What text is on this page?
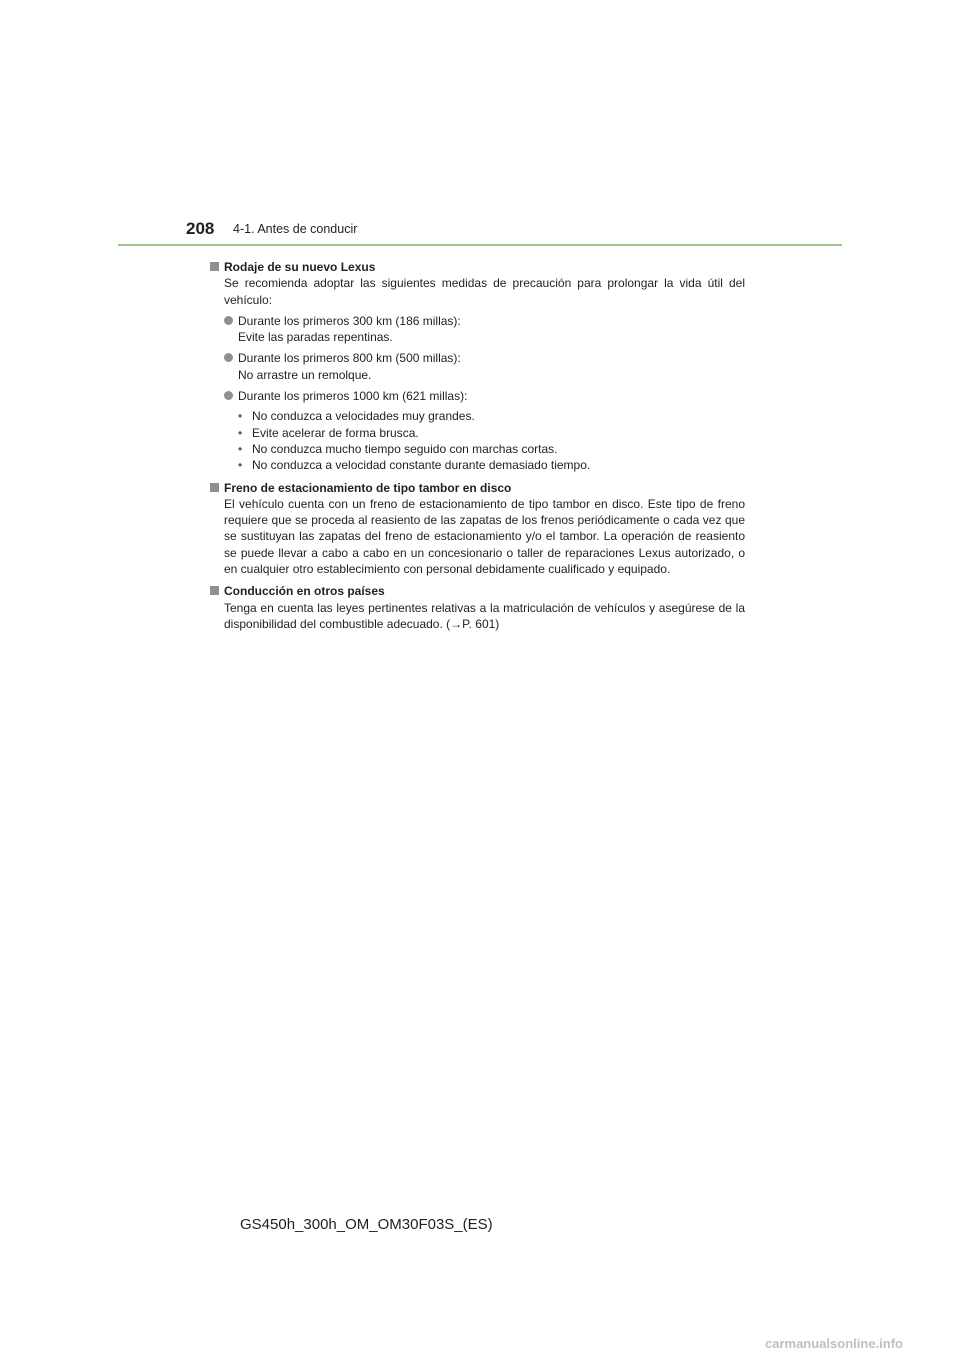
208 4-1. Antes de conducir
Rodaje de su nuevo Lexus
Se recomienda adoptar las siguientes medidas de precaución para prolongar la vida útil del vehículo:
Durante los primeros 300 km (186 millas):
Evite las paradas repentinas.
Durante los primeros 800 km (500 millas):
No arrastre un remolque.
Durante los primeros 1000 km (621 millas):
• No conduzca a velocidades muy grandes.
• Evite acelerar de forma brusca.
• No conduzca mucho tiempo seguido con marchas cortas.
• No conduzca a velocidad constante durante demasiado tiempo.
Freno de estacionamiento de tipo tambor en disco
El vehículo cuenta con un freno de estacionamiento de tipo tambor en disco. Este tipo de freno requiere que se proceda al reasiento de las zapatas de los frenos periódicamente o cada vez que se sustituyan las zapatas del freno de estacionamiento y/o el tambor. La operación de reasiento se puede llevar a cabo a cabo en un concesionario o taller de reparaciones Lexus autorizado, o en cualquier otro establecimiento con personal debidamente cualificado y equipado.
Conducción en otros países
Tenga en cuenta las leyes pertinentes relativas a la matriculación de vehículos y asegúrese de la disponibilidad del combustible adecuado. (→P. 601)
GS450h_300h_OM_OM30F03S_(ES)
carmanualsonline.info
